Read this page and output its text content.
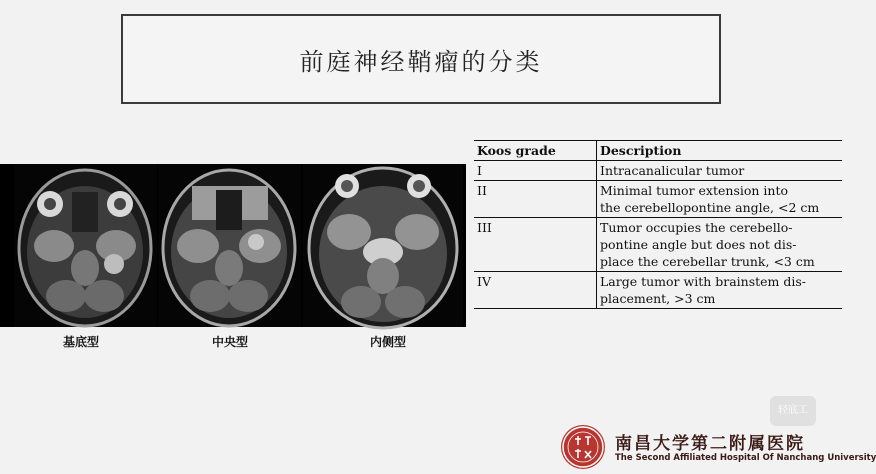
前庭神经鞘瘤的分类
基底型	中央型	内侧型
Koos grade	Description
I	Intracanalicular tumor

II	Minimal tumor extension into
the cerebellopontine angle, <2 cm

III	Tumor occupies the cerebello-
pontine angle but does not dis-
place the cerebellar trunk, <3 cm

IV	Large tumor with brainstem dis-
placement, >3 cm
轻底工
南昌大学第二附属医院
The Second Affiliated Hospital Of Nanchang University
